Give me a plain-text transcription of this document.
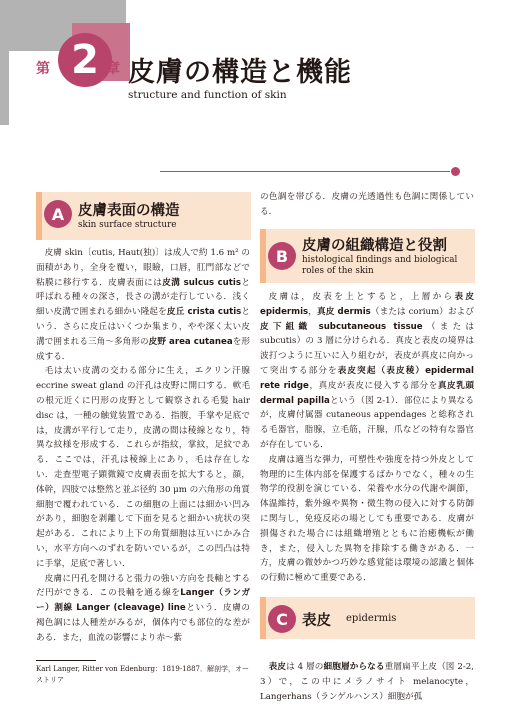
2
第	章 皮膚の構造と機能
structure and function of skin
A 皮膚表面の構造
skin surface structure

皮膚 skin〔cutis, Haut(独)〕は成人で約 1.6 m² の面積があり，全身を覆い，眼瞼，口唇，肛門部などで粘膜に移行する．皮膚表面には皮溝 sulcus cutisと呼ばれる種々の深さ，長さの溝が走行している．浅く細い皮溝で囲まれる細かい隆起を皮丘 crista cutisという．さらに皮丘はいくつか集まり，やや深く太い皮溝で囲まれる三角～多角形の皮野 area cutaneaを形成する．

毛は太い皮溝の交わる部分に生え，エクリン汗腺 eccrine sweat gland の汗孔は皮野に開口する．軟毛の根元近くに円形の皮野として観察される毛髪 hair disc は，一種の触覚装置である．指腹，手掌や足底では，皮溝が平行して走り，皮溝の間は稜線となり，特異な紋様を形成する．これらが指紋，掌紋，足紋である．ここでは，汗孔は稜線上にあり，毛は存在しない．走査型電子顕微鏡で皮膚表面を拡大すると，顔，体幹，四肢では整然と並ぶ径約 30 μm の六角形の角質細胞で覆われている．この細胞の上面には細かい凹みがあり，細胞を剥離して下面を見ると細かい疣状の突起がある．これにより上下の角質細胞は互いにかみ合い，水平方向へのずれを防いでいるが，この凹凸は特に手掌，足底で著しい．

皮膚に円孔を開けると張力の強い方向を長軸とするだ円ができる．この長軸を通る線をLanger（ランガー）割線 Langer (cleavage) lineという．皮膚の褐色調には人種差がみるが，個体内でも部位的な差がある．また，血流の影響により赤～紫

Karl Langer, Ritter von Edenburg：1819-1887．解剖学，オーストリア

の色調を帯びる．皮膚の光透過性も色調に関係している．

B
皮膚の組織構造と役割
histological findings and biological roles of the skin

皮膚は，皮表を上とすると，上層から表皮 epidermis，真皮 dermis（または corium）および皮下組織 subcutaneous tissue（または subcutis）の 3 層に分けられる．真皮と表皮の境界は波打つように互いに入り組むが，表皮が真皮に向かって突出する部分を表皮突起（表皮稜）epidermal rete ridge，真皮が表皮に侵入する部分を真皮乳頭 dermal papillaという（図 2-1）．部位により異なるが，皮膚付属器 cutaneous appendages と総称される毛器官，脂腺，立毛筋，汗腺，爪などの特有な器官が存在している．

皮膚は適当な弾力，可塑性や強度を持つ外皮として物理的に生体内部を保護するばかりでなく，種々の生物学的役割を演じている．栄養や水分の代謝や調節，体温維持，紫外線や異物・微生物の侵入に対する防御に関与し，免疫反応の場としても重要である．皮膚が損傷された場合には組織増殖とともに治癒機転が働き，また，侵入した異物を排除する働きがある．一方，皮膚の微妙かつ巧妙な感覚能は環境の認識と個体の行動に極めて重要である．

C 表皮 epidermis

表皮は 4 層の細胞層からなる重層扁平上皮（図 2-2, 3）で，この中にメラノサイト melanocyte，Langerhans（ランゲルハンス）細胞が孤
